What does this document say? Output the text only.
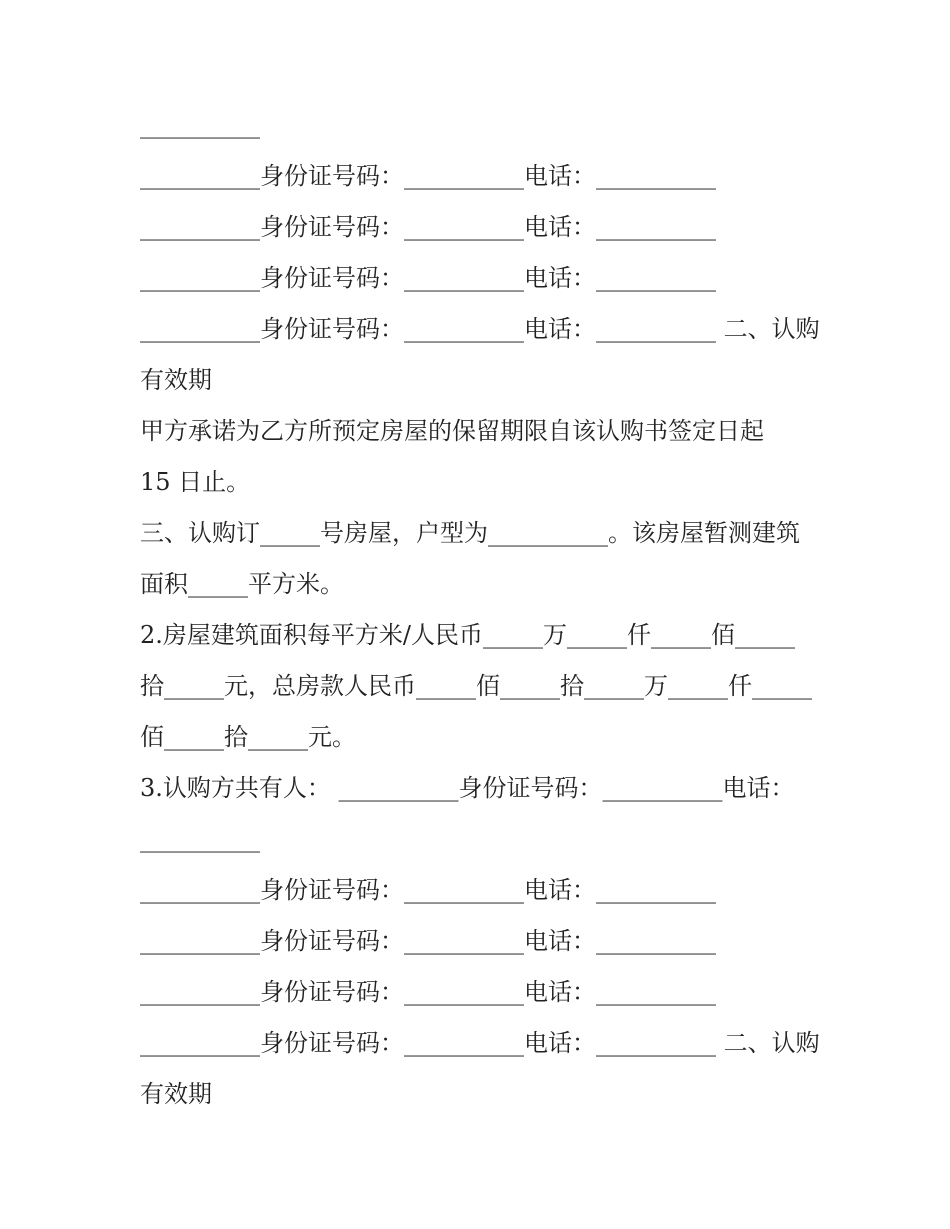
__________
__________身份证号码：__________电话：__________
__________身份证号码：__________电话：__________
__________身份证号码：__________电话：__________
__________身份证号码：__________电话：__________ 二、认购
有效期
甲方承诺为乙方所预定房屋的保留期限自该认购书签定日起
15 日止。
三、认购订_____号房屋，户型为__________。该房屋暂测建筑
面积_____平方米。
2.房屋建筑面积每平方米/人民币_____万_____仟_____佰_____
拾_____元，总房款人民币_____佰_____拾_____万_____仟_____
佰_____拾_____元。
3.认购方共有人： __________身份证号码：__________电话：
__________
__________身份证号码：__________电话：__________
__________身份证号码：__________电话：__________
__________身份证号码：__________电话：__________
__________身份证号码：__________电话：__________ 二、认购
有效期
